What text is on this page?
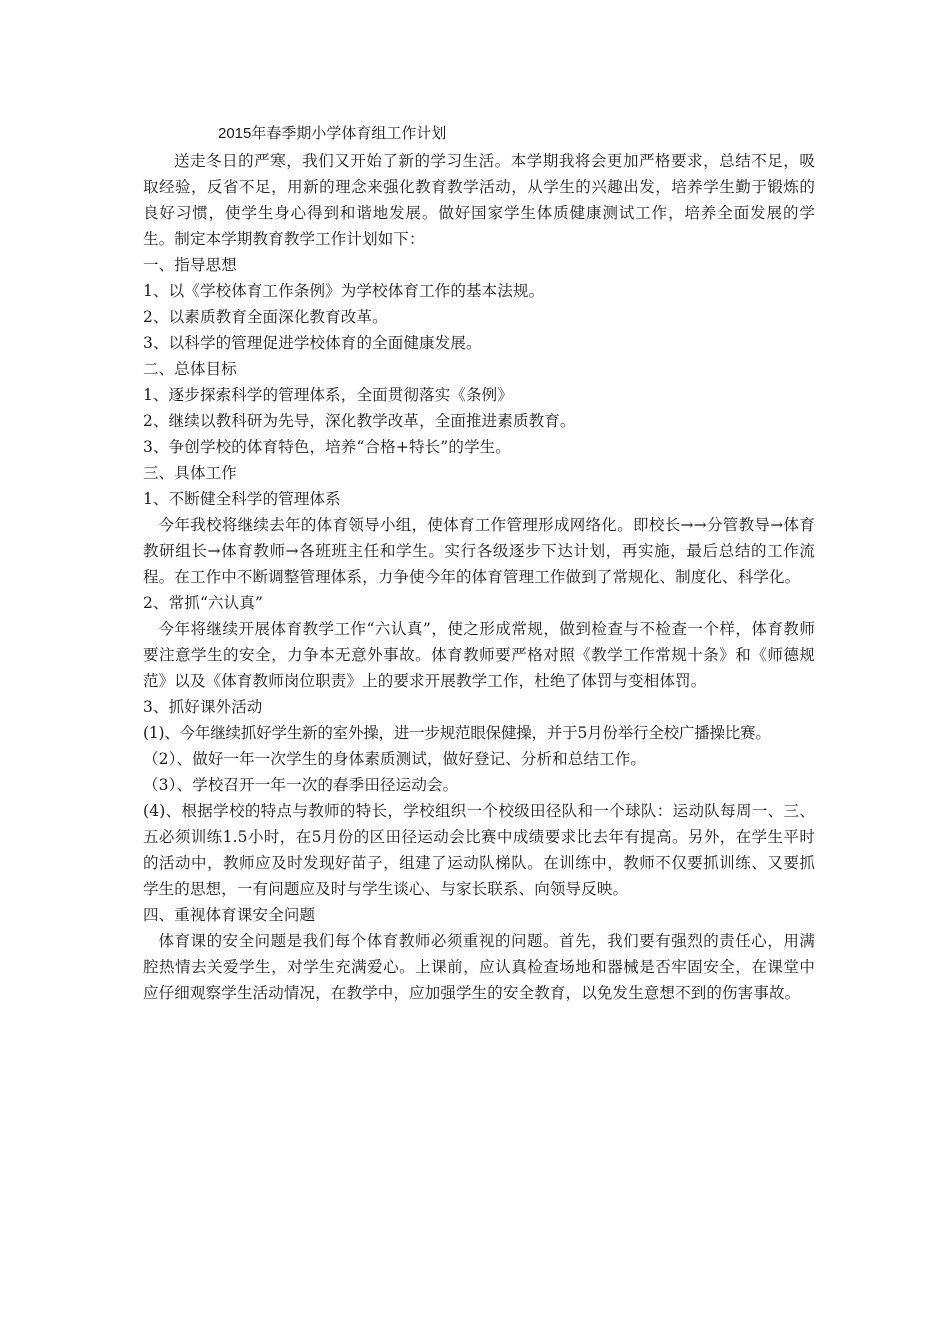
2015年春季期小学体育组工作计划

送走冬日的严寒，我们又开始了新的学习生活。本学期我将会更加严格要求，总结不足，吸取经验，反省不足，用新的理念来强化教育教学活动，从学生的兴趣出发，培养学生勤于锻炼的良好习惯，使学生身心得到和谐地发展。做好国家学生体质健康测试工作，培养全面发展的学生。制定本学期教育教学工作计划如下：

一、指导思想

1、以《学校体育工作条例》为学校体育工作的基本法规。

2、以素质教育全面深化教育改革。

3、以科学的管理促进学校体育的全面健康发展。

二、总体目标

1、逐步探索科学的管理体系，全面贯彻落实《条例》

2、继续以教科研为先导，深化教学改革，全面推进素质教育。

3、争创学校的体育特色，培养“合格+特长”的学生。

三、具体工作

1、不断健全科学的管理体系

今年我校将继续去年的体育领导小组，使体育工作管理形成网络化。即校长→→分管教导→体育教研组长→体育教师→各班班主任和学生。实行各级逐步下达计划，再实施，最后总结的工作流程。在工作中不断调整管理体系，力争使今年的体育管理工作做到了常规化、制度化、科学化。

2、常抓“六认真”

今年将继续开展体育教学工作“六认真”，使之形成常规，做到检查与不检查一个样，体育教师要注意学生的安全，力争本无意外事故。体育教师要严格对照《教学工作常规十条》和《师德规范》以及《体育教师岗位职责》上的要求开展教学工作，杜绝了体罚与变相体罚。

3、抓好课外活动

(1)、今年继续抓好学生新的室外操，进一步规范眼保健操，并于5月份举行全校广播操比赛。

（2）、做好一年一次学生的身体素质测试，做好登记、分析和总结工作。

（3）、学校召开一年一次的春季田径运动会。

(4)、根据学校的特点与教师的特长，学校组织一个校级田径队和一个球队：运动队每周一、三、五必须训练1.5小时，在5月份的区田径运动会比赛中成绩要求比去年有提高。另外，在学生平时的活动中，教师应及时发现好苗子，组建了运动队梯队。在训练中，教师不仅要抓训练、又要抓学生的思想，一有问题应及时与学生谈心、与家长联系、向领导反映。

四、重视体育课安全问题

体育课的安全问题是我们每个体育教师必须重视的问题。首先，我们要有强烈的责任心，用满腔热情去关爱学生，对学生充满爱心。上课前，应认真检查场地和器械是否牢固安全，在课堂中应仔细观察学生活动情况，在教学中，应加强学生的安全教育，以免发生意想不到的伤害事故。
